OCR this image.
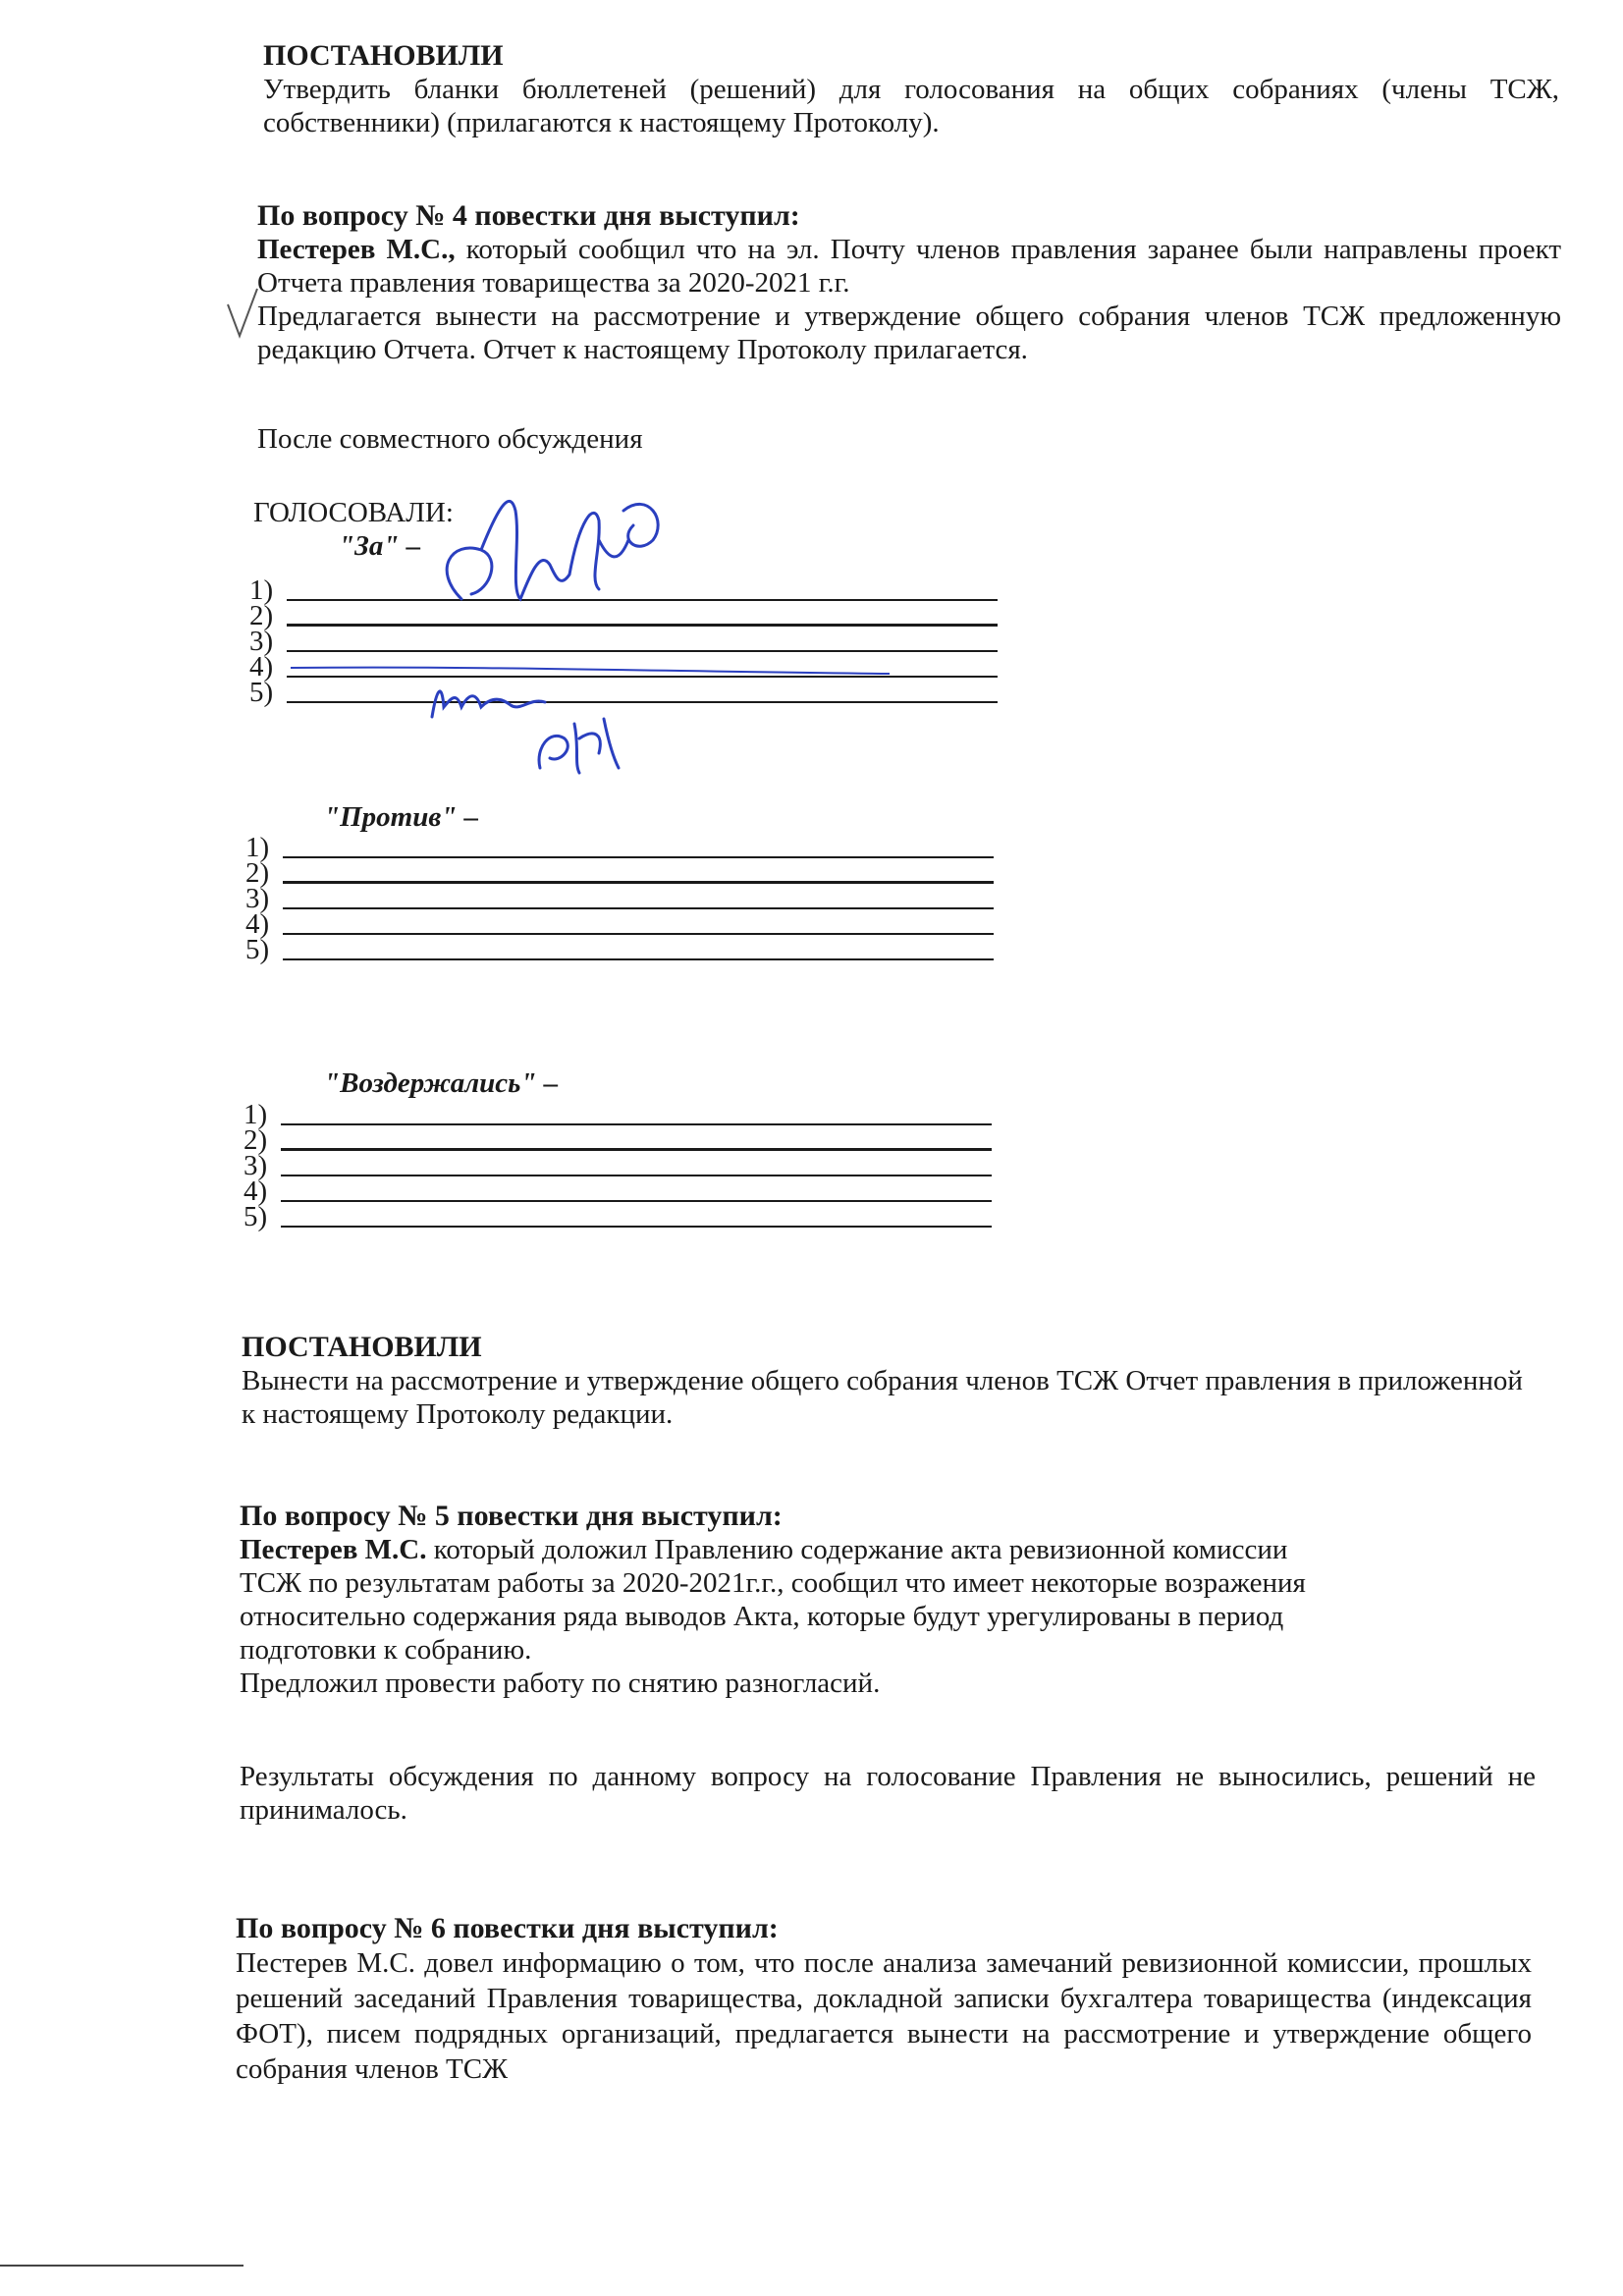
ПОСТАНОВИЛИ

Утвердить бланки бюллетеней (решений) для голосования на общих собраниях (члены ТСЖ, собственники) (прилагаются к настоящему Протоколу).

По вопросу № 4 повестки дня выступил:

Пестерев М.С., который сообщил что на эл. Почту членов правления заранее были направлены проект Отчета правления товарищества за 2020-2021 г.г.

Предлагается вынести на рассмотрение и утверждение общего собрания членов ТСЖ предложенную редакцию Отчета. Отчет к настоящему Протоколу прилагается.

После совместного обсуждения
ГОЛОСОВАЛИ:
"За" –
1)
2)
3)
4)
5)
"Против" –
1)
2)
3)
4)
5)
"Воздержались" –
1)
2)
3)
4)
5)
ПОСТАНОВИЛИ

Вынести на рассмотрение и утверждение общего собрания членов ТСЖ Отчет правления в приложенной к настоящему Протоколу редакции.

По вопросу № 5 повестки дня выступил:
Пестерев М.С. который доложил Правлению содержание акта ревизионной комиссии
ТСЖ по результатам работы за 2020-2021г.г., сообщил что имеет некоторые возражения
относительно содержания ряда выводов Акта, которые будут урегулированы в период
подготовки к собранию.
Предложил провести работу по снятию разногласий.
Результаты обсуждения по данному вопросу на голосование Правления не выносились, решений не принималось.
По вопросу № 6 повестки дня выступил:

Пестерев М.С. довел информацию о том, что после анализа замечаний ревизионной комиссии, прошлых решений заседаний Правления товарищества, докладной записки бухгалтера товарищества (индексация ФОТ), писем подрядных организаций, предлагается вынести на рассмотрение и утверждение общего собрания членов ТСЖ
